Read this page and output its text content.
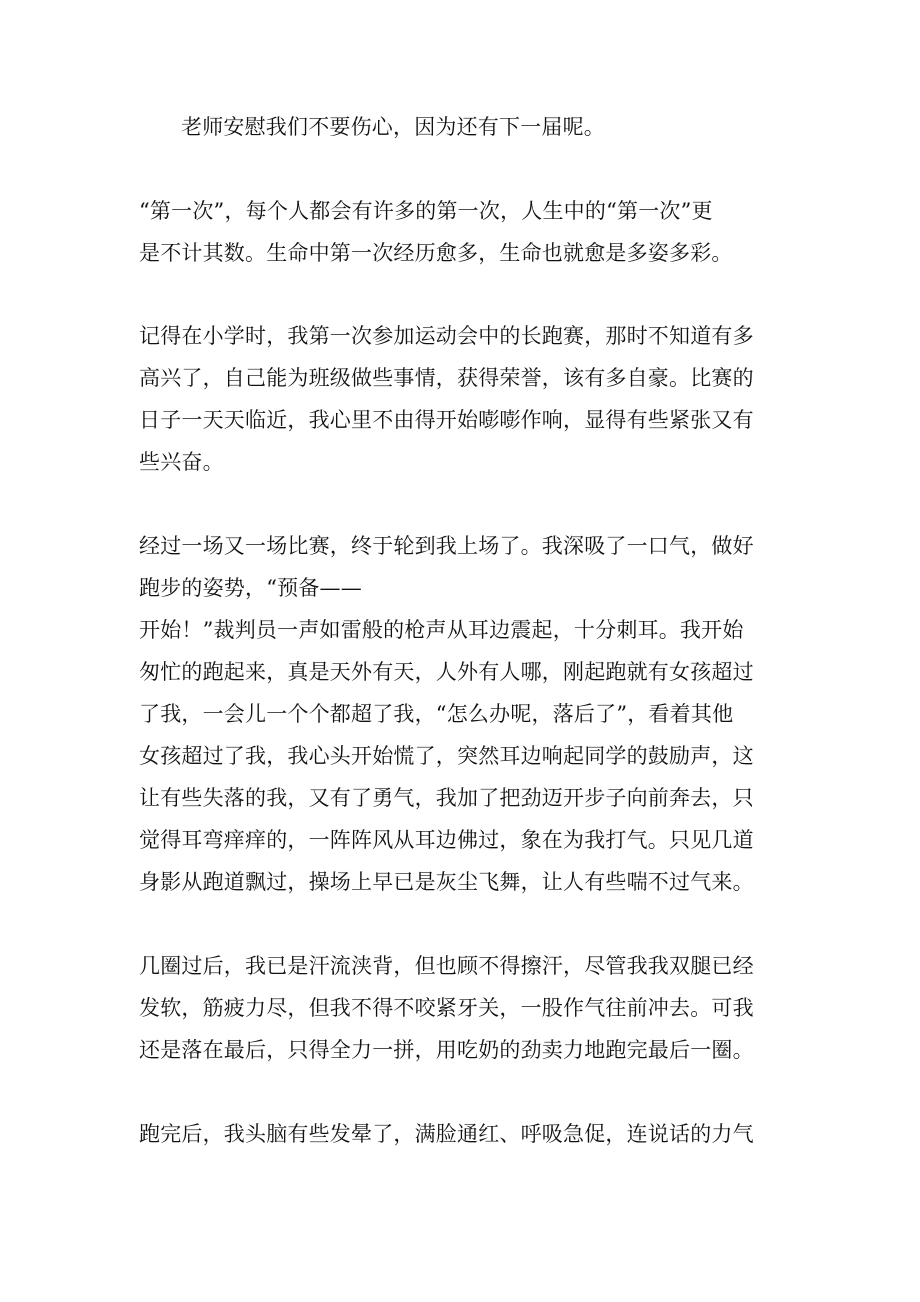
老师安慰我们不要伤心，因为还有下一届呢。
“第一次”，每个人都会有许多的第一次，人生中的“第一次”更
是不计其数。生命中第一次经历愈多，生命也就愈是多姿多彩。
记得在小学时，我第一次参加运动会中的长跑赛，那时不知道有多
高兴了，自己能为班级做些事情，获得荣誉，该有多自豪。比赛的
日子一天天临近，我心里不由得开始嘭嘭作响，显得有些紧张又有
些兴奋。
经过一场又一场比赛，终于轮到我上场了。我深吸了一口气，做好
跑步的姿势，“预备——
开始！”裁判员一声如雷般的枪声从耳边震起，十分刺耳。我开始
匆忙的跑起来，真是天外有天，人外有人哪，刚起跑就有女孩超过
了我，一会儿一个个都超了我，“怎么办呢，落后了”，看着其他
女孩超过了我，我心头开始慌了，突然耳边响起同学的鼓励声，这
让有些失落的我，又有了勇气，我加了把劲迈开步子向前奔去，只
觉得耳弯痒痒的，一阵阵风从耳边佛过，象在为我打气。只见几道
身影从跑道飘过，操场上早已是灰尘飞舞，让人有些喘不过气来。
几圈过后，我已是汗流浃背，但也顾不得擦汗，尽管我我双腿已经
发软，筋疲力尽，但我不得不咬紧牙关，一股作气往前冲去。可我
还是落在最后，只得全力一拼，用吃奶的劲卖力地跑完最后一圈。
跑完后，我头脑有些发晕了，满脸通红、呼吸急促，连说话的力气
